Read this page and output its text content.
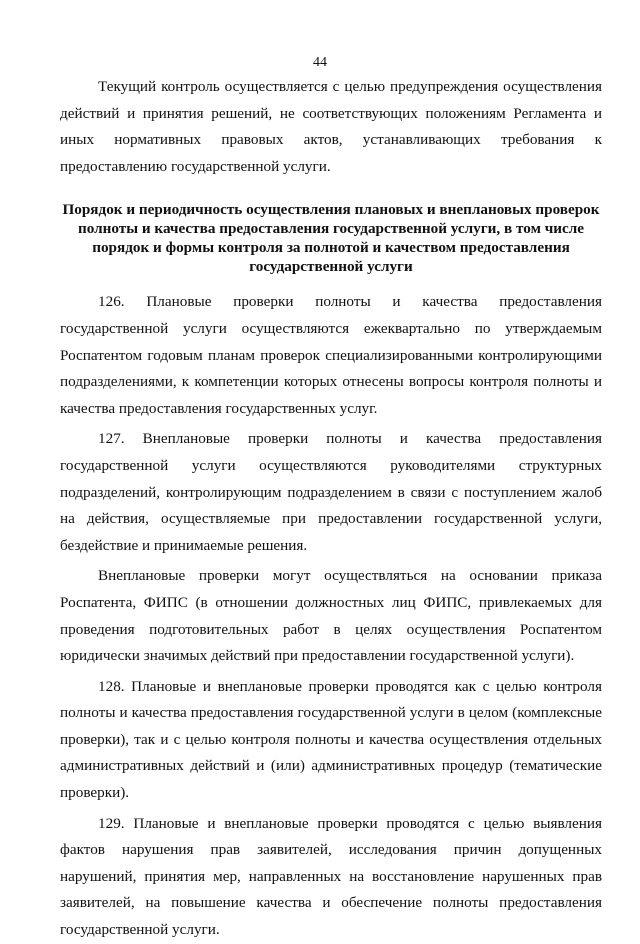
44

Текущий контроль осуществляется с целью предупреждения осуществления действий и принятия решений, не соответствующих положениям Регламента и иных нормативных правовых актов, устанавливающих требования к предоставлению государственной услуги.

Порядок и периодичность осуществления плановых и внеплановых проверок полноты и качества предоставления государственной услуги, в том числе порядок и формы контроля за полнотой и качеством предоставления государственной услуги

126. Плановые проверки полноты и качества предоставления государственной услуги осуществляются ежеквартально по утверждаемым Роспатентом годовым планам проверок специализированными контролирующими подразделениями, к компетенции которых отнесены вопросы контроля полноты и качества предоставления государственных услуг.

127. Внеплановые проверки полноты и качества предоставления государственной услуги осуществляются руководителями структурных подразделений, контролирующим подразделением в связи с поступлением жалоб на действия, осуществляемые при предоставлении государственной услуги, бездействие и принимаемые решения.

Внеплановые проверки могут осуществляться на основании приказа Роспатента, ФИПС (в отношении должностных лиц ФИПС, привлекаемых для проведения подготовительных работ в целях осуществления Роспатентом юридически значимых действий при предоставлении государственной услуги).

128. Плановые и внеплановые проверки проводятся как с целью контроля полноты и качества предоставления государственной услуги в целом (комплексные проверки), так и с целью контроля полноты и качества осуществления отдельных административных действий и (или) административных процедур (тематические проверки).

129. Плановые и внеплановые проверки проводятся с целью выявления фактов нарушения прав заявителей, исследования причин допущенных нарушений, принятия мер, направленных на восстановление нарушенных прав заявителей, на повышение качества и обеспечение полноты предоставления государственной услуги.
